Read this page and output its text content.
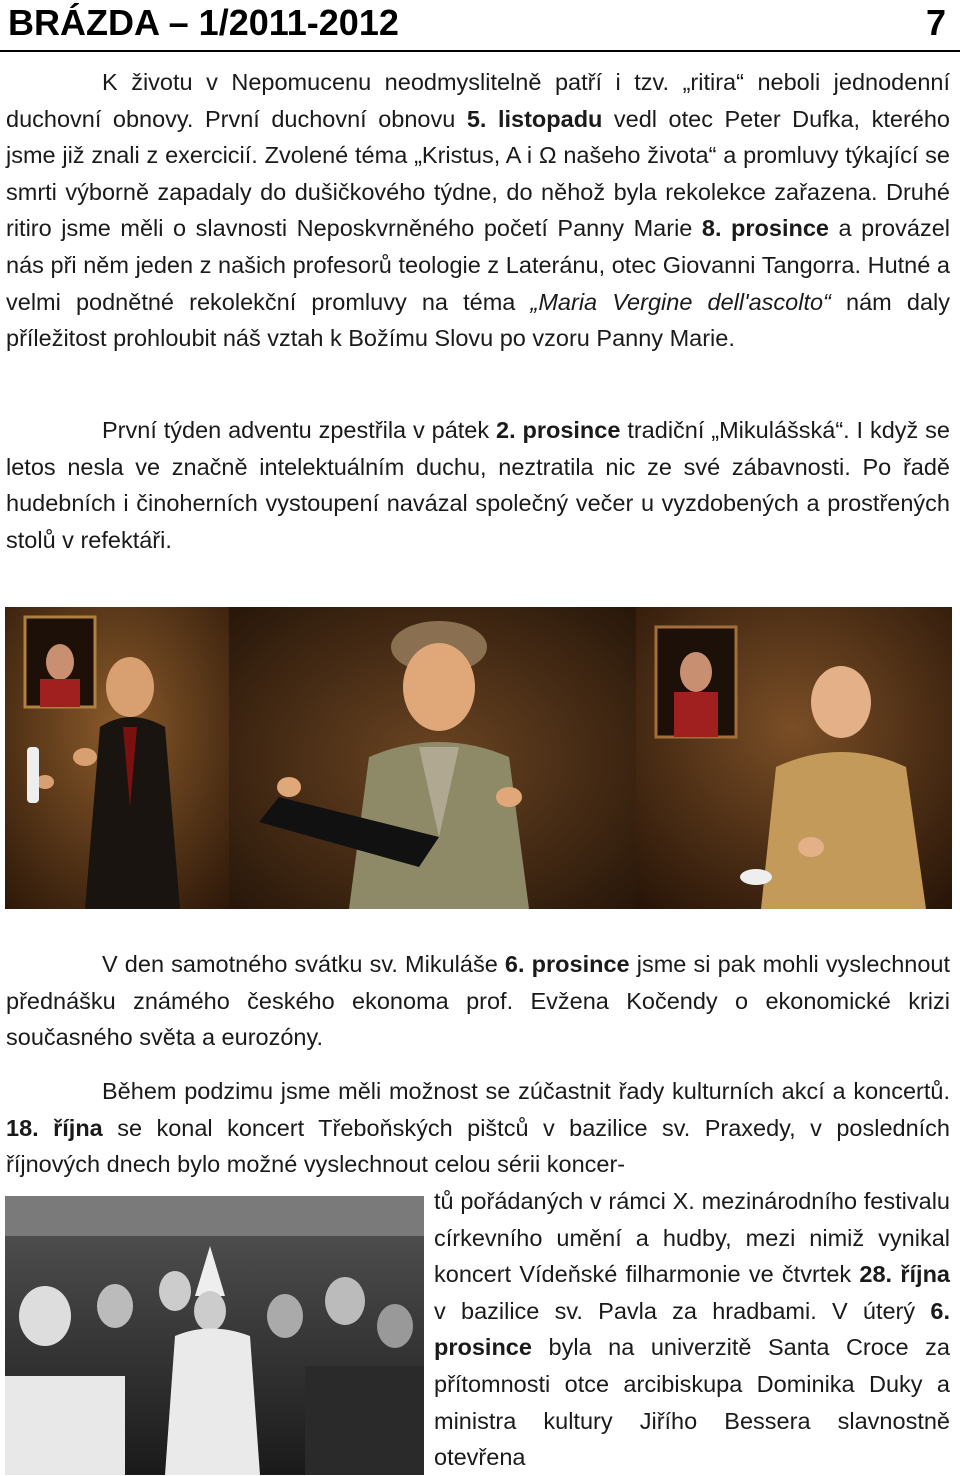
BRÁZDA – 1/2011-2012	7

K životu v Nepomucenu neodmyslitelně patří i tzv. „ritira“ neboli jednodenní duchovní obnovy. První duchovní obnovu 5. listopadu vedl otec Peter Dufka, kterého jsme již znali z exercicií. Zvolené téma „Kristus, A i Ω našeho života“ a promluvy týkající se smrti výborně zapadaly do dušičkového týdne, do něhož byla rekolekce zařazena. Druhé ritiro jsme měli o slavnosti Neposkvrněného početí Panny Marie 8. prosince a provázel nás při něm jeden z našich profesorů teologie z Lateránu, otec Giovanni Tangorra. Hutné a velmi podnětné rekolekční promluvy na téma „Maria Vergine dell'ascolto“ nám daly příležitost prohloubit náš vztah k Božímu Slovu po vzoru Panny Marie.

První týden adventu zpestřila v pátek 2. prosince tradiční „Mikulášská“. I když se letos nesla ve značně intelektuálním duchu, neztratila nic ze své zábavnosti. Po řadě hudebních i činoherních vystoupení navázal společný večer u vyzdobených a prostřených stolů v refektáři.

V den samotného svátku sv. Mikuláše 6. prosince jsme si pak mohli vyslechnout přednášku známého českého ekonoma prof. Evžena Kočendy o ekonomické krizi současného světa a eurozóny.

Během podzimu jsme měli možnost se zúčastnit řady kulturních akcí a koncertů. 18. října se konal koncert Třeboňských pištců v bazilice sv. Praxedy, v posledních říjnových dnech bylo možné vyslechnout celou sérii koncer-

tů pořádaných v rámci X. mezinárodního festivalu církevního umění a hudby, mezi nimiž vynikal koncert Vídeňské filharmonie ve čtvrtek 28. října v bazilice sv. Pavla za hradbami. V úterý 6. prosince byla na univerzitě Santa Croce za přítomnosti otce arcibiskupa Dominika Duky a ministra kultury Jiřího Bessera slavnostně otevřena
